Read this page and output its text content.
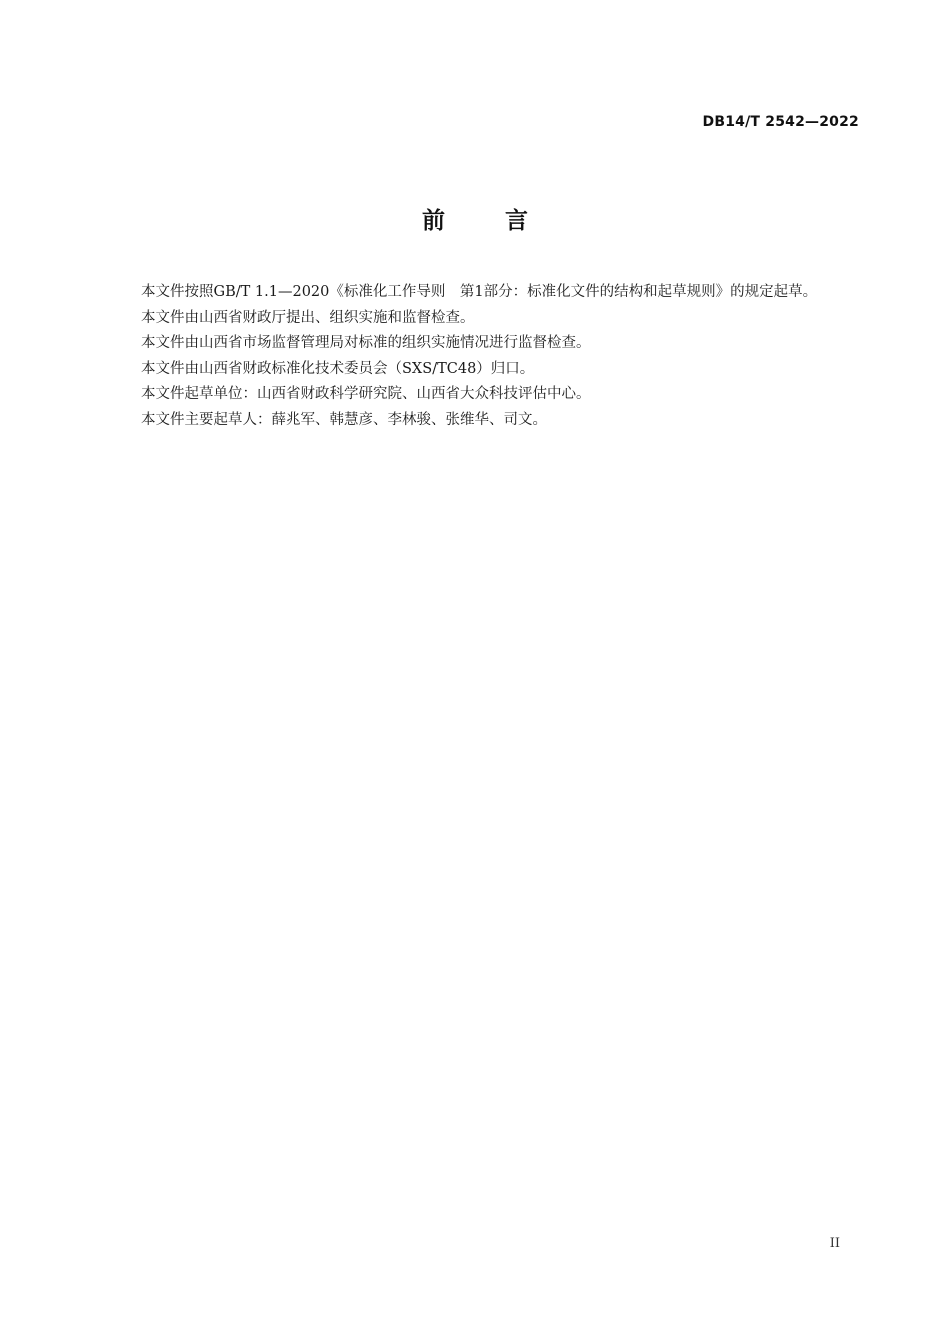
DB14/T 2542—2022
前	言

本文件按照GB/T 1.1—2020《标准化工作导则　第1部分：标准化文件的结构和起草规则》的规定起草。

本文件由山西省财政厅提出、组织实施和监督检查。

本文件由山西省市场监督管理局对标准的组织实施情况进行监督检查。

本文件由山西省财政标准化技术委员会（SXS/TC48）归口。

本文件起草单位：山西省财政科学研究院、山西省大众科技评估中心。

本文件主要起草人：薛兆军、韩慧彦、李林骏、张维华、司文。

II
